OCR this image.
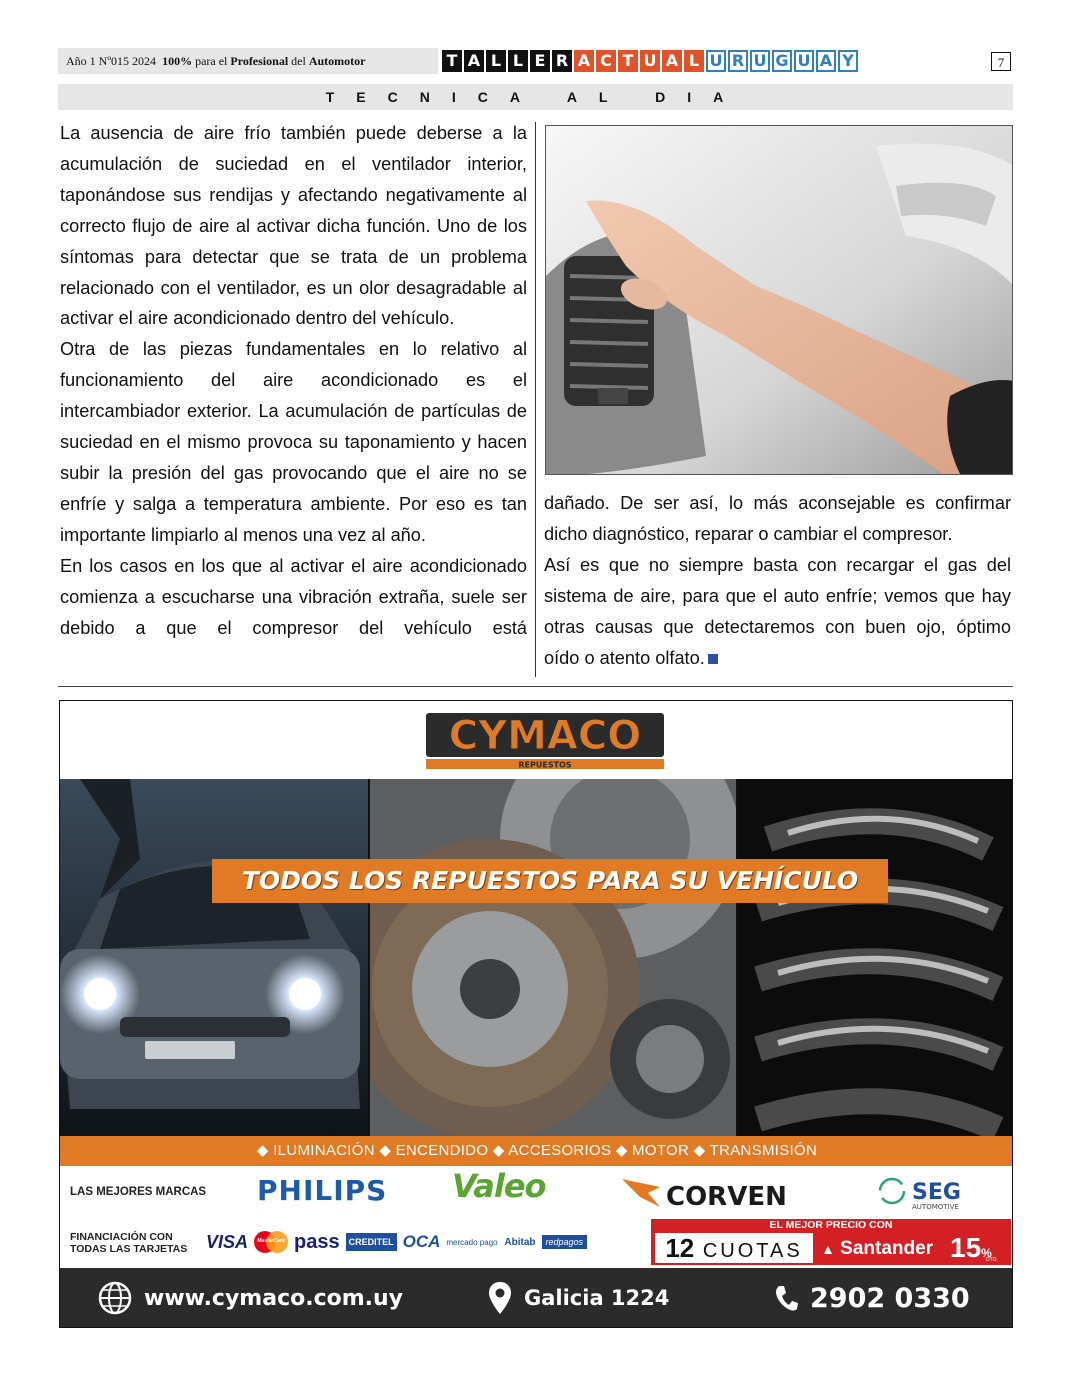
Año 1 Nº015 2024 100% para el Profesional del Automotor	T A L L E R A C T U A L U R U G U A Y	7
TECNICA AL DIA

La ausencia de aire frío también puede deberse a la acumulación de suciedad en el ventilador interior, taponándose sus rendijas y afectando negativamente al correcto flujo de aire al activar dicha función. Uno de los síntomas para detectar que se trata de un problema relacionado con el ventilador, es un olor desagradable al activar el aire acondicionado dentro del vehículo.

Otra de las piezas fundamentales en lo relativo al funcionamiento del aire acondicionado es el intercambiador exterior. La acumulación de partículas de suciedad en el mismo provoca su taponamiento y hacen subir la presión del gas provocando que el aire no se enfríe y salga a temperatura ambiente. Por eso es tan importante limpiarlo al menos una vez al año.

En los casos en los que al activar el aire acondicionado comienza a escucharse una vibración extraña, suele ser debido a que el compresor del vehículo está

dañado. De ser así, lo más aconsejable es confirmar dicho diagnóstico, reparar o cambiar el compresor.

Así es que no siempre basta con recargar el gas del sistema de aire, para que el auto enfríe; vemos que hay otras causas que detectaremos con buen ojo, óptimo oído o atento olfato.

CYMACO
REPUESTOS
TODOS LOS REPUESTOS PARA SU VEHÍCULO
◆ ILUMINACIÓN ◆ ENCENDIDO ◆ ACCESORIOS ◆ MOTOR ◆ TRANSMISIÓN
LAS MEJORES MARCAS PHILIPS Valeo	CORVEN	SEG
AUTOMOTIVE
FINANCIACIÓN CON
TODAS LAS TARJETAS VISA	MasterCard pass	CREDITEL OCA mercado pago Abitab	redpagos
EL MEJOR PRECIO CON
12 CUOTAS	▲ Santander 15%
DTO.
www.cymaco.com.uy	Galicia 1224	2902 0330
